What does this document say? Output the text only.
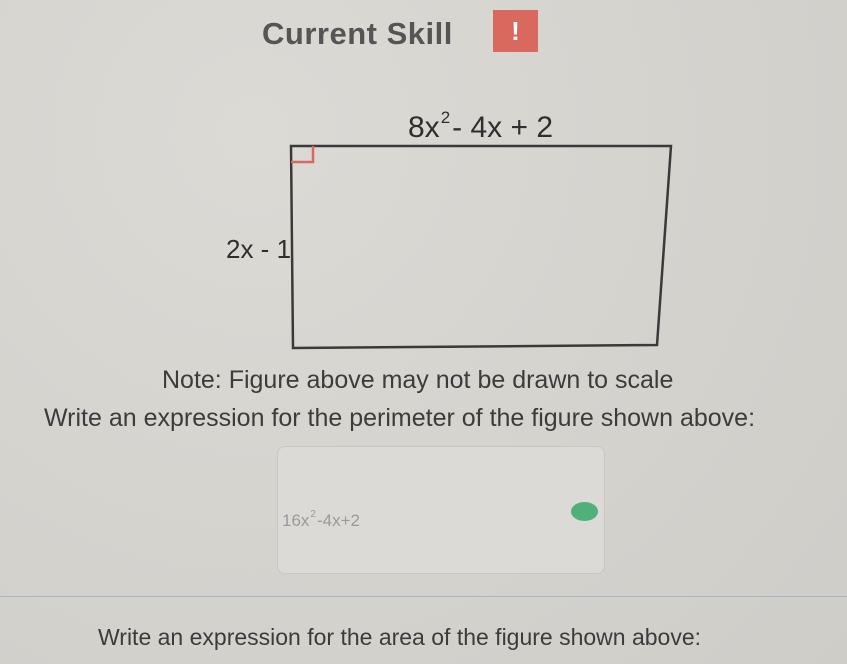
Current Skill	!
$8x^2-$ 4x + 2
2x - 1
Note: Figure above may not be drawn to scale
Write an expression for the perimeter of the figure shown above:
$16x^2-4x+2$
Write an expression for the area of the figure shown above:
